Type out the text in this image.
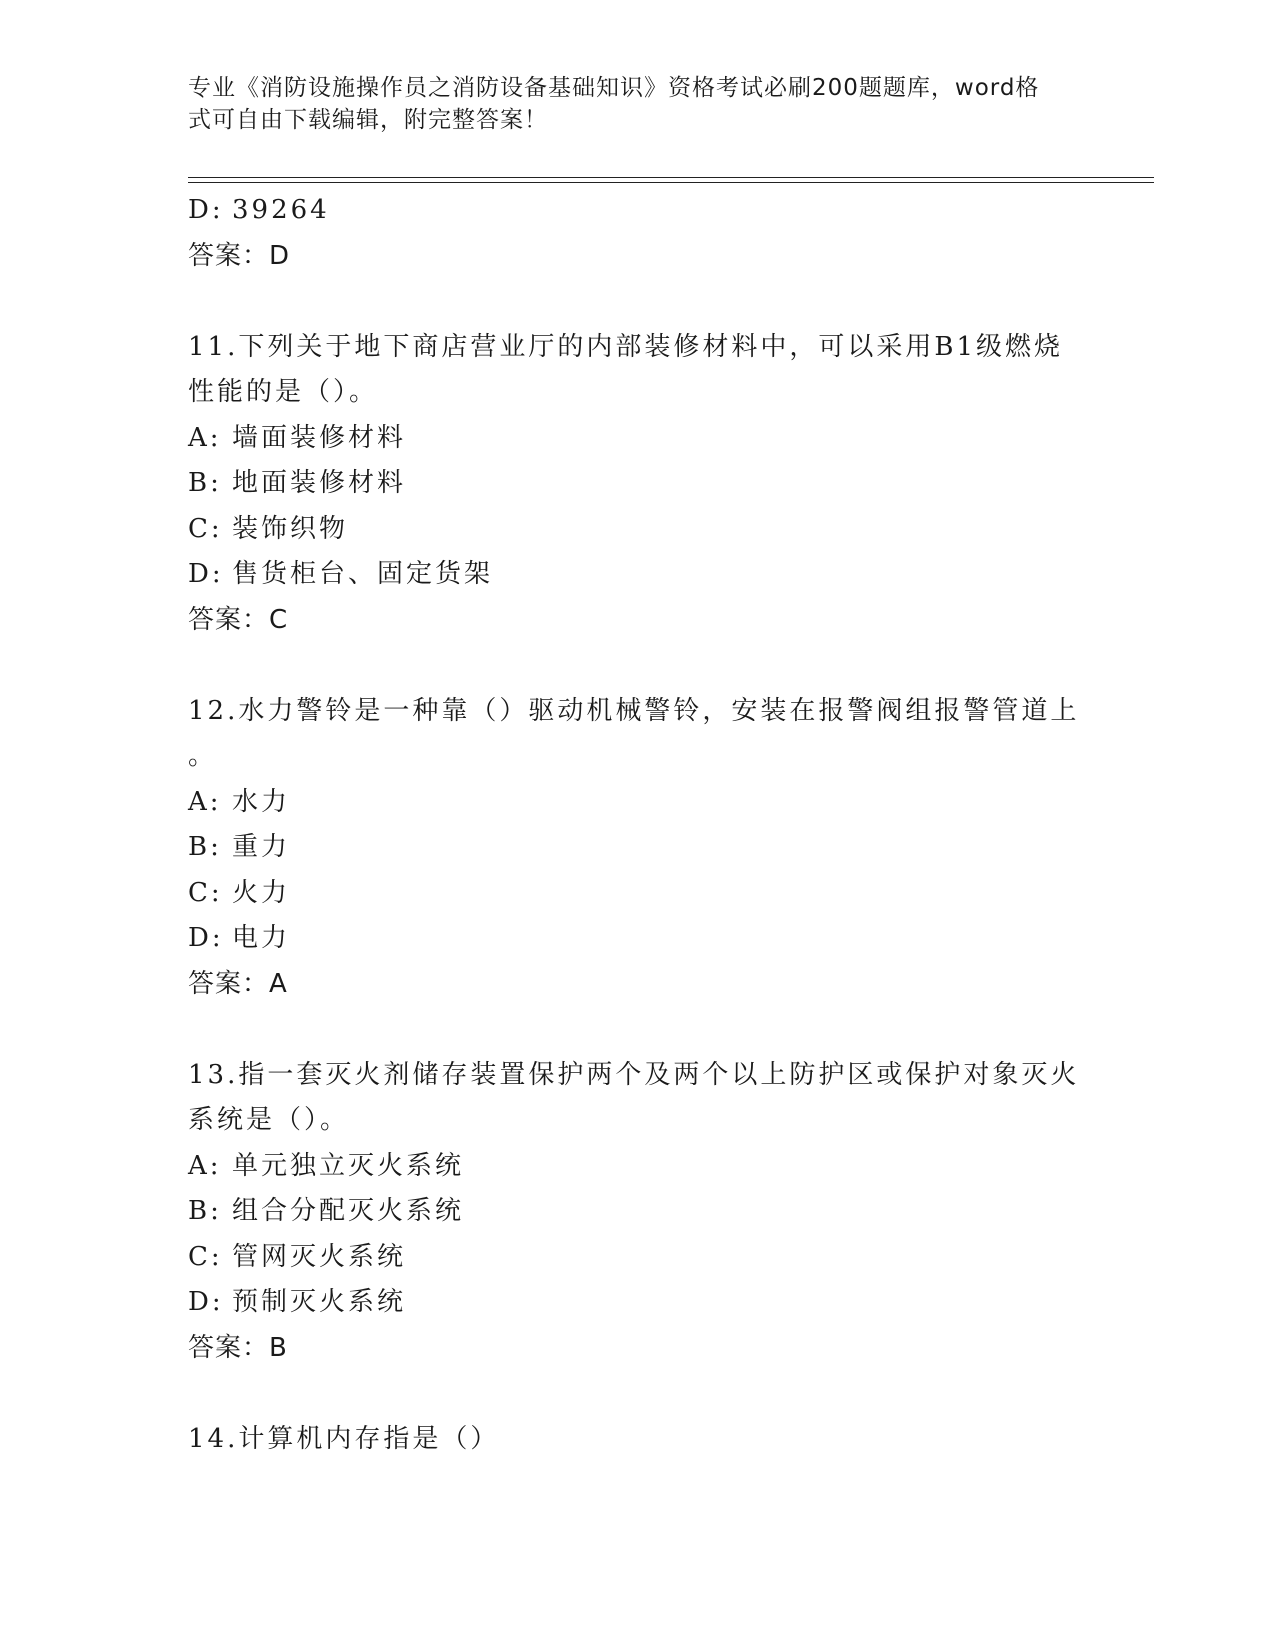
专业《消防设施操作员之消防设备基础知识》资格考试必刷200题题库，word格
式可自由下载编辑，附完整答案！
D: 39264
答案：D
11.下列关于地下商店营业厅的内部装修材料中，可以采用B1级燃烧
性能的是（）。
A: 墙面装修材料
B: 地面装修材料
C: 装饰织物
D: 售货柜台、固定货架
答案：C
12.水力警铃是一种靠（）驱动机械警铃，安装在报警阀组报警管道上
。
A: 水力
B: 重力
C: 火力
D: 电力
答案：A
13.指一套灭火剂储存装置保护两个及两个以上防护区或保护对象灭火
系统是（）。
A: 单元独立灭火系统
B: 组合分配灭火系统
C: 管网灭火系统
D: 预制灭火系统
答案：B
14.计算机内存指是（）
